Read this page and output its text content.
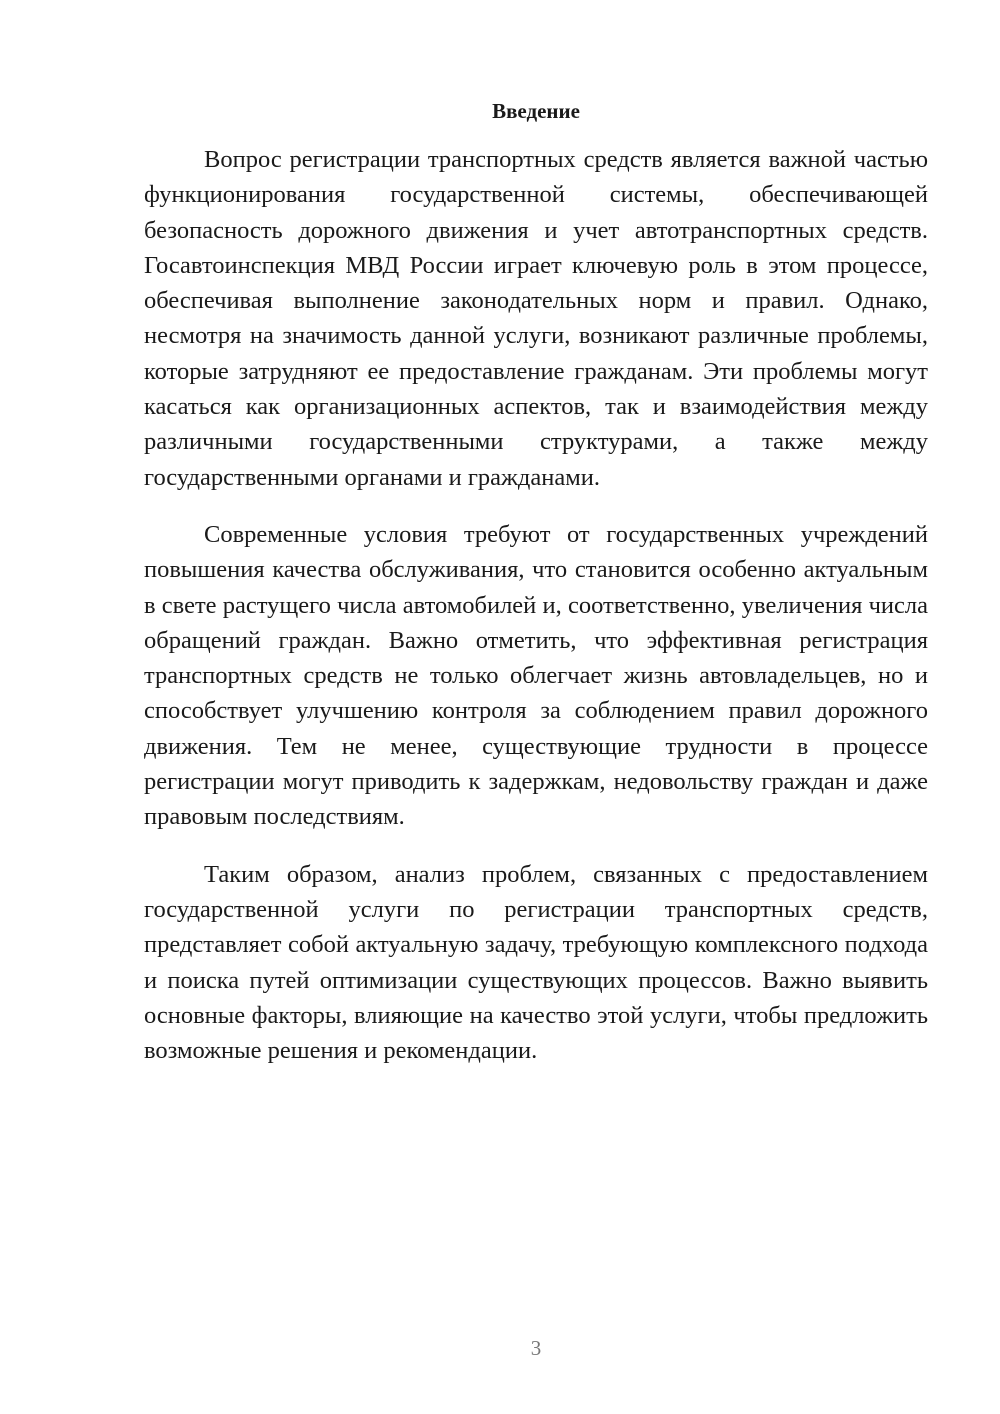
Введение

Вопрос регистрации транспортных средств является важной частью функционирования государственной системы, обеспечивающей безопасность дорожного движения и учет автотранспортных средств. Госавтоинспекция МВД России играет ключевую роль в этом процессе, обеспечивая выполнение законодательных норм и правил. Однако, несмотря на значимость данной услуги, возникают различные проблемы, которые затрудняют ее предоставление гражданам. Эти проблемы могут касаться как организационных аспектов, так и взаимодействия между различными государственными структурами, а также между государственными органами и гражданами.

Современные условия требуют от государственных учреждений повышения качества обслуживания, что становится особенно актуальным в свете растущего числа автомобилей и, соответственно, увеличения числа обращений граждан. Важно отметить, что эффективная регистрация транспортных средств не только облегчает жизнь автовладельцев, но и способствует улучшению контроля за соблюдением правил дорожного движения. Тем не менее, существующие трудности в процессе регистрации могут приводить к задержкам, недовольству граждан и даже правовым последствиям.

Таким образом, анализ проблем, связанных с предоставлением государственной услуги по регистрации транспортных средств, представляет собой актуальную задачу, требующую комплексного подхода и поиска путей оптимизации существующих процессов. Важно выявить основные факторы, влияющие на качество этой услуги, чтобы предложить возможные решения и рекомендации.

3
